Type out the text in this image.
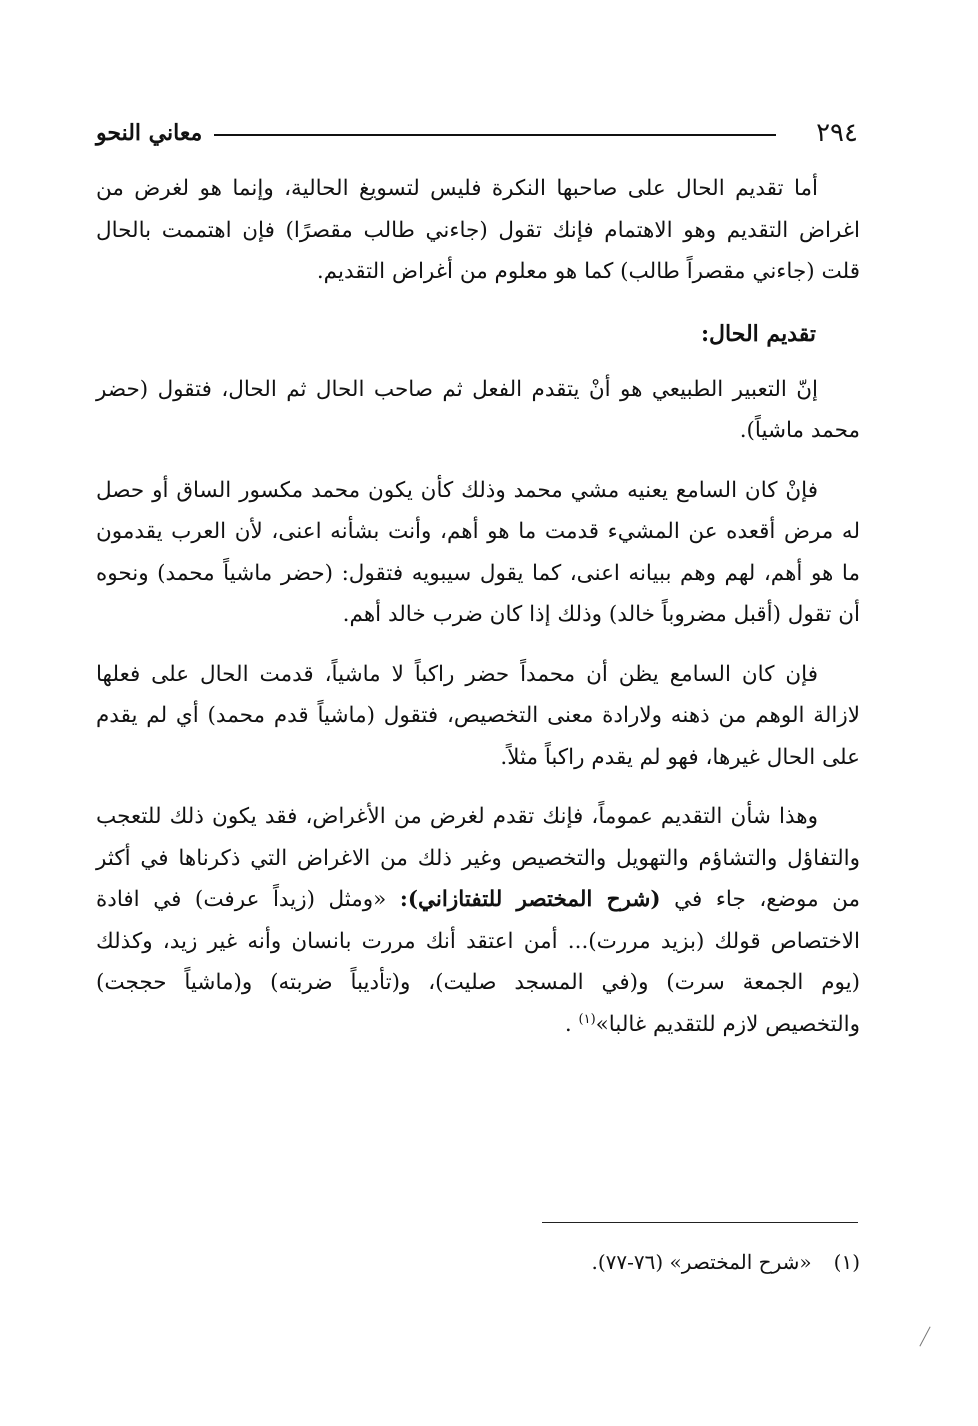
٢٩٤
معاني النحو

أما تقديم الحال على صاحبها النكرة فليس لتسويغ الحالية، وإنما هو لغرض من اغراض التقديم وهو الاهتمام فإنك تقول (جاءني طالب مقصرًا) فإن اهتممت بالحال قلت (جاءني مقصراً طالب) كما هو معلوم من أغراض التقديم.

تقديم الحال:

إنّ التعبير الطبيعي هو أنْ يتقدم الفعل ثم صاحب الحال ثم الحال، فتقول (حضر محمد ماشياً).

فإنْ كان السامع يعنيه مشي محمد وذلك كأن يكون محمد مكسور الساق أو حصل له مرض أقعده عن المشيء قدمت ما هو أهم، وأنت بشأنه اعنى، لأن العرب يقدمون ما هو أهم، لهم وهم ببيانه اعنى، كما يقول سيبويه فتقول: (حضر ماشياً محمد) ونحوه أن تقول (أقبل مضروباً خالد) وذلك إذا كان ضرب خالد أهم.

فإن كان السامع يظن أن محمداً حضر راكباً لا ماشياً، قدمت الحال على فعلها لازالة الوهم من ذهنه ولارادة معنى التخصيص، فتقول (ماشياً قدم محمد) أي لم يقدم على الحال غيرها، فهو لم يقدم راكباً مثلاً.

وهذا شأن التقديم عموماً، فإنك تقدم لغرض من الأغراض، فقد يكون ذلك للتعجب والتفاؤل والتشاؤم والتهويل والتخصيص وغير ذلك من الاغراض التي ذكرناها في أكثر من موضع، جاء في (شرح المختصر للتفتازاني): «ومثل (زيداً عرفت) في افادة الاختصاص قولك (بزيد مررت)... أمن اعتقد أنك مررت بانسان وأنه غير زيد، وكذلك (يوم الجمعة سرت) و(في المسجد صليت)، و(تأديباً ضربته) و(ماشياً حججت) والتخصيص لازم للتقديم غالبا»$^{(١)}$ .

(١)«شرح المختصر» (٧٦-٧٧).
